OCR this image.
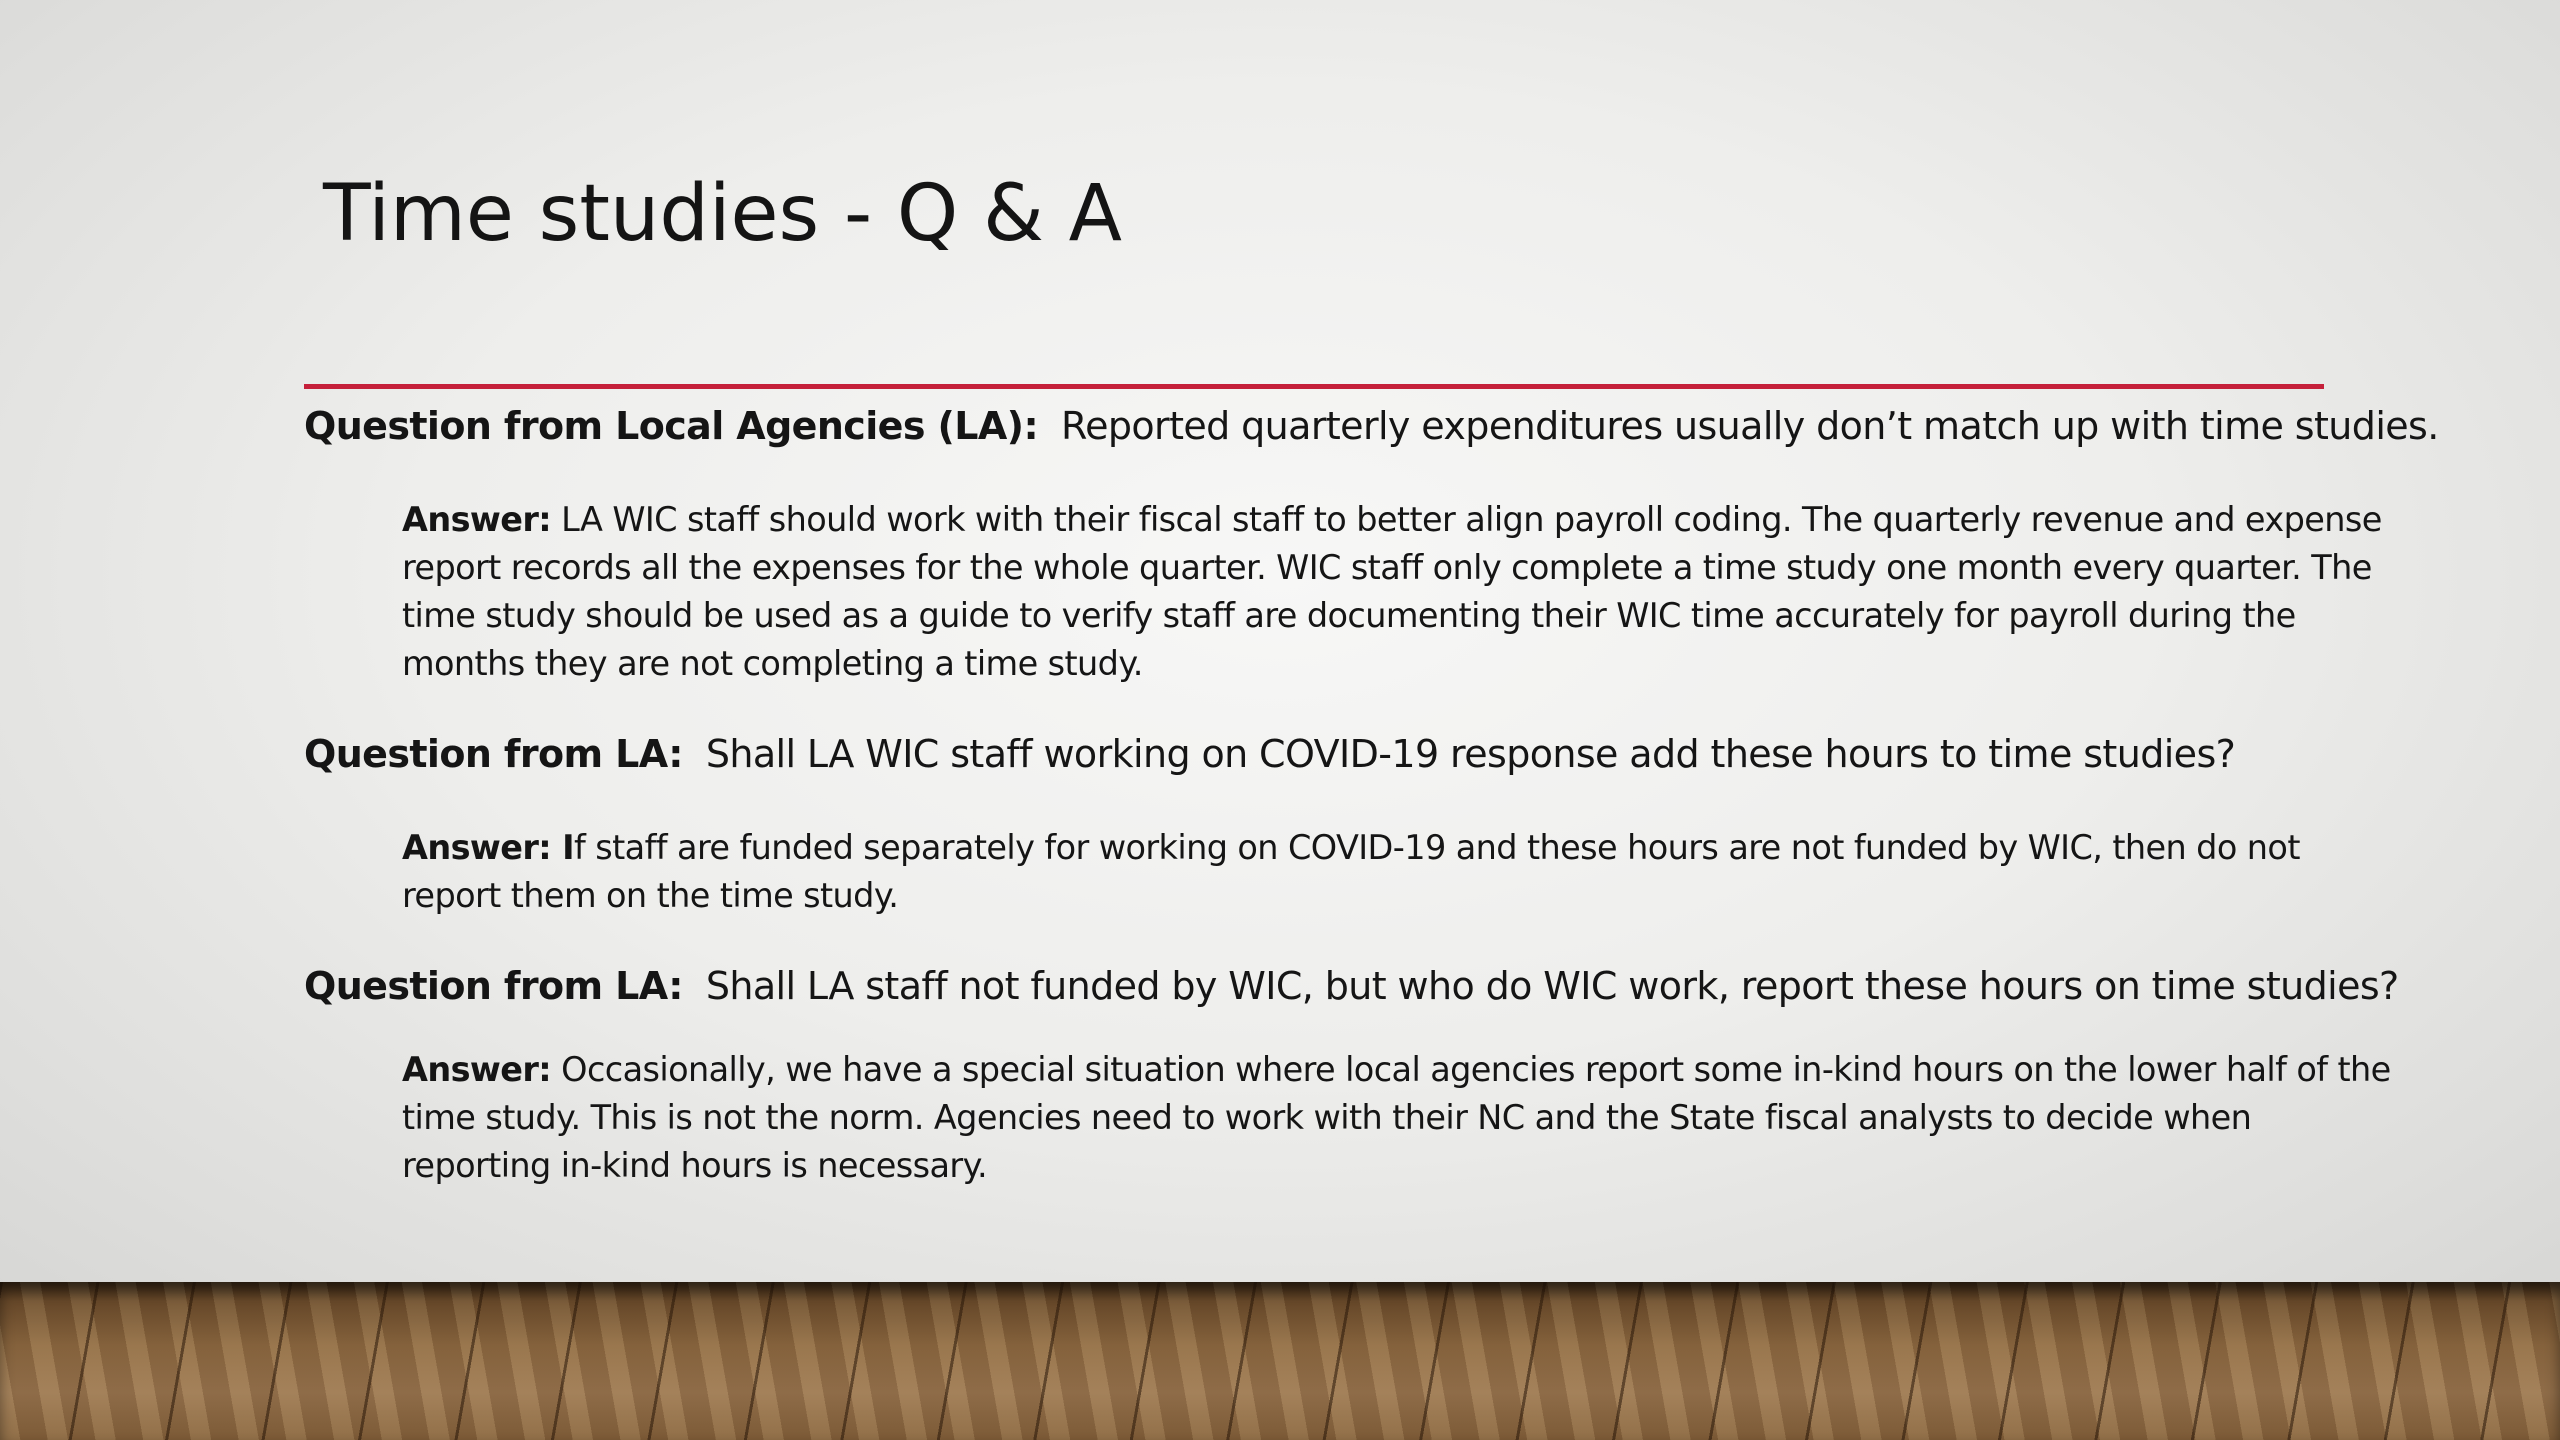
Time studies - Q & A

Question from Local Agencies (LA): Reported quarterly expenditures usually don’t match up with time studies.

Answer: LA WIC staff should work with their fiscal staff to better align payroll coding. The quarterly revenue and expense report records all the expenses for the whole quarter. WIC staff only complete a time study one month every quarter. The time study should be used as a guide to verify staff are documenting their WIC time accurately for payroll during the months they are not completing a time study.

Question from LA: Shall LA WIC staff working on COVID-19 response add these hours to time studies?

Answer: If staff are funded separately for working on COVID-19 and these hours are not funded by WIC, then do not report them on the time study.

Question from LA: Shall LA staff not funded by WIC, but who do WIC work, report these hours on time studies?

Answer: Occasionally, we have a special situation where local agencies report some in-kind hours on the lower half of the time study. This is not the norm. Agencies need to work with their NC and the State fiscal analysts to decide when reporting in-kind hours is necessary.
